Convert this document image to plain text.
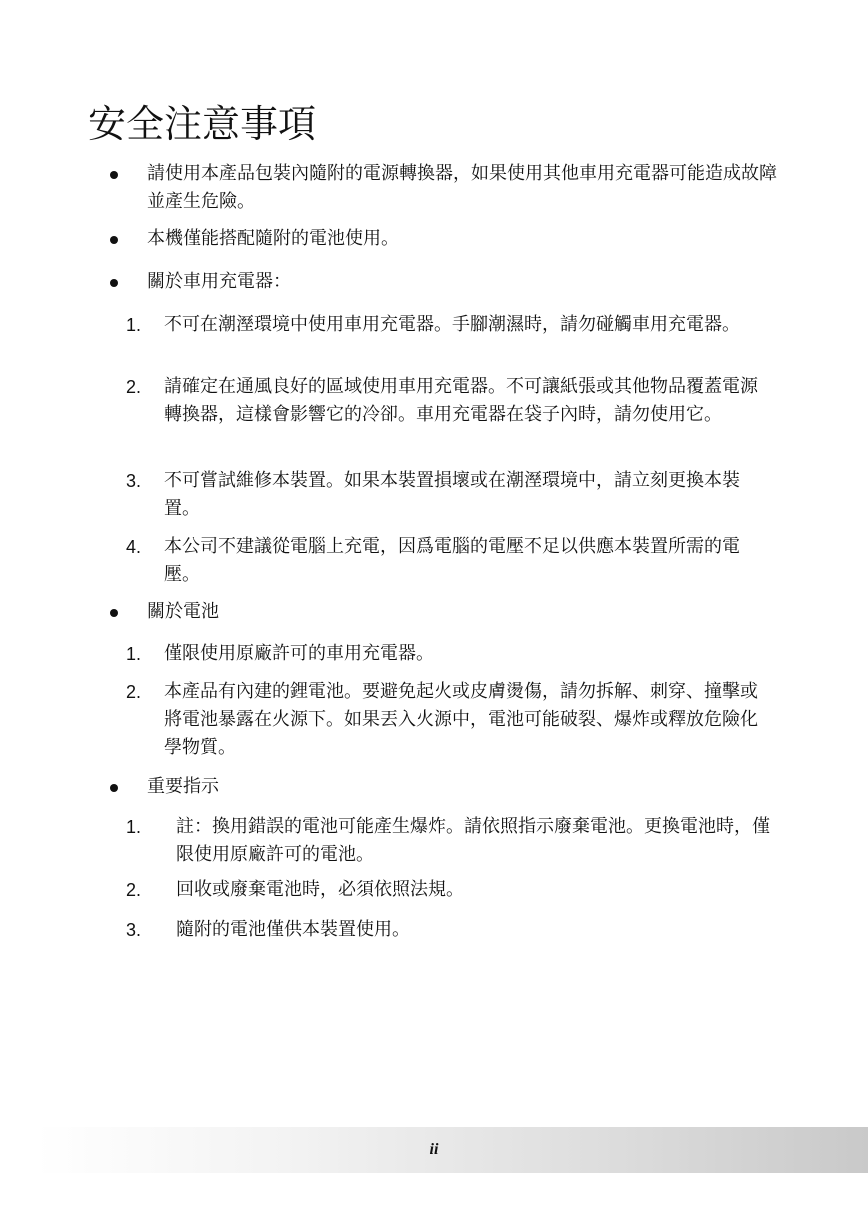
安全注意事項
請使用本產品包裝內隨附的電源轉換器，如果使用其他車用充電器可能造成故障並產生危險。
本機僅能搭配隨附的電池使用。
關於車用充電器：
1. 不可在潮溼環境中使用車用充電器。手腳潮濕時，請勿碰觸車用充電器。
2. 請確定在通風良好的區域使用車用充電器。不可讓紙張或其他物品覆蓋電源轉換器，這樣會影響它的冷卻。車用充電器在袋子內時，請勿使用它。
3. 不可嘗試維修本裝置。如果本裝置損壞或在潮溼環境中，請立刻更換本裝置。
4. 本公司不建議從電腦上充電，因爲電腦的電壓不足以供應本裝置所需的電壓。
關於電池
1. 僅限使用原廠許可的車用充電器。
2. 本產品有內建的鋰電池。要避免起火或皮膚燙傷，請勿拆解、刺穿、撞擊或將電池暴露在火源下。如果丟入火源中，電池可能破裂、爆炸或釋放危險化學物質。
重要指示
1. 註：換用錯誤的電池可能產生爆炸。請依照指示廢棄電池。更換電池時，僅限使用原廠許可的電池。
2. 回收或廢棄電池時，必須依照法規。
3. 隨附的電池僅供本裝置使用。
ii
